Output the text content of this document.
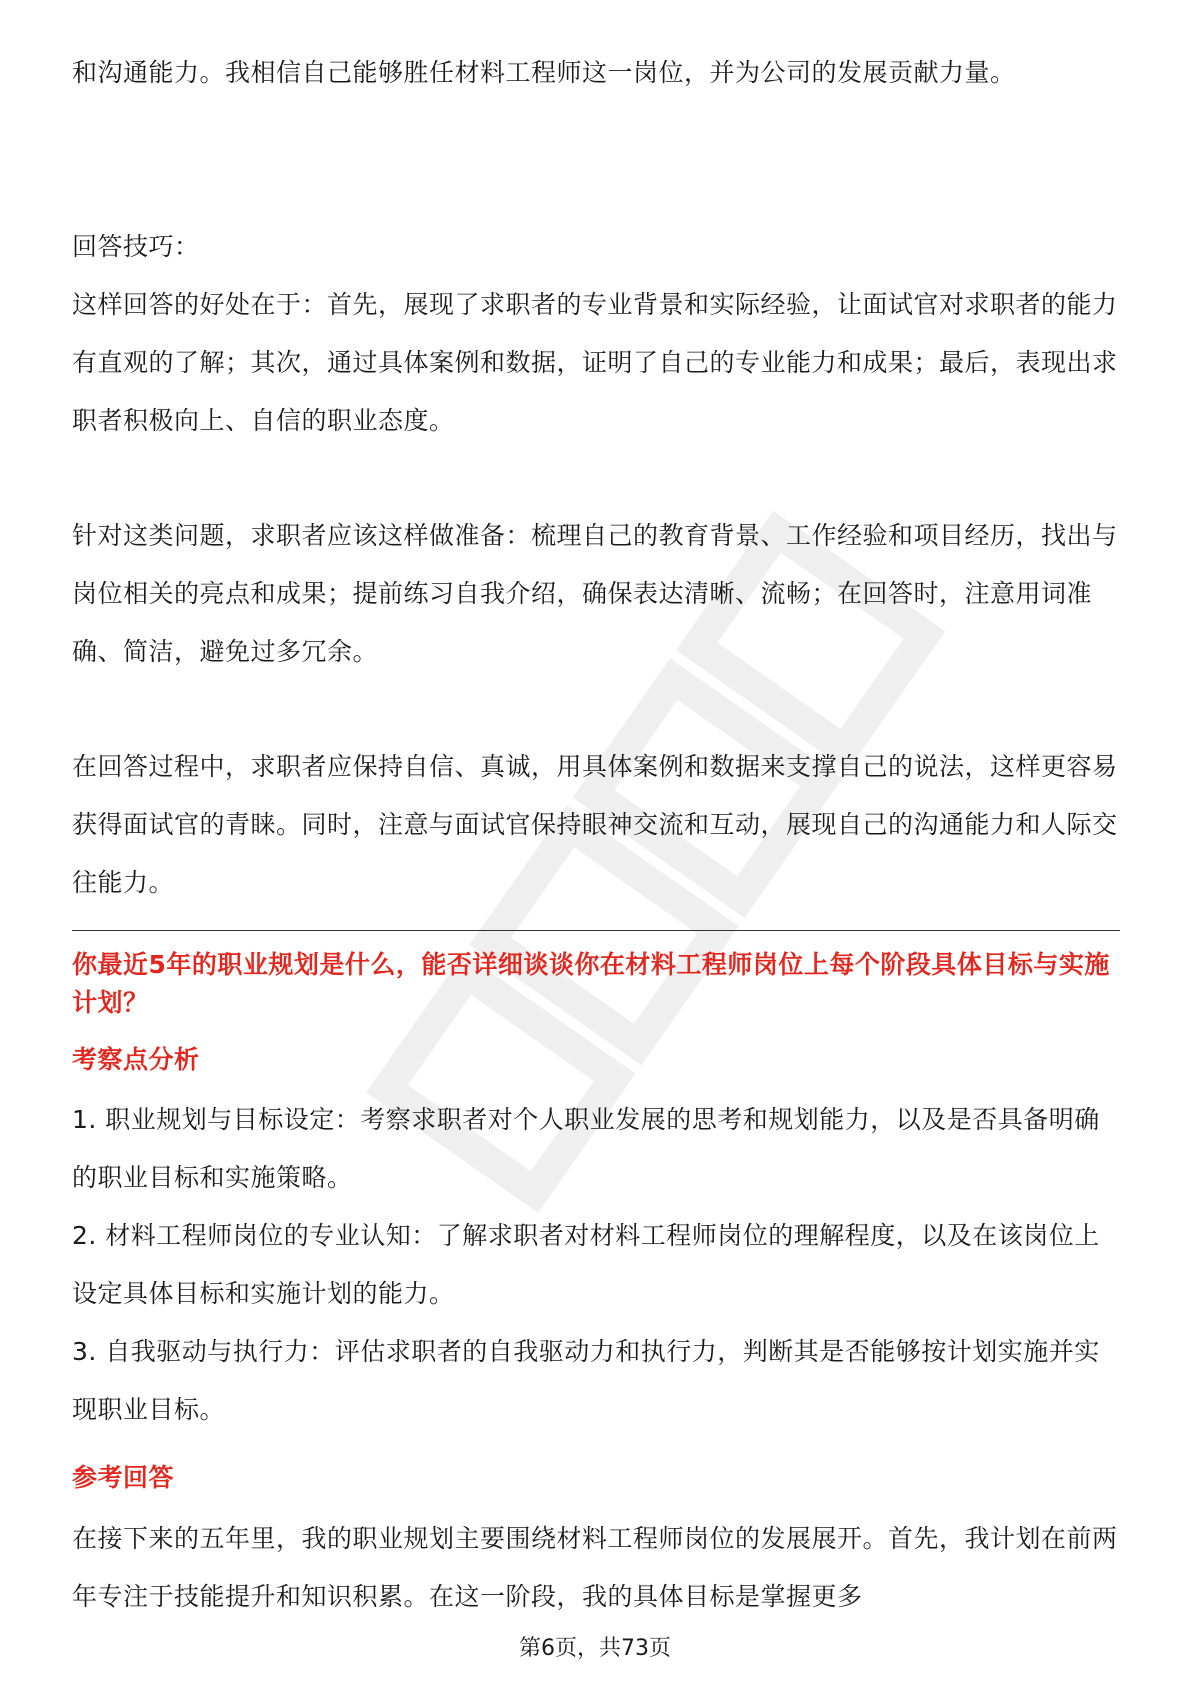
和沟通能力。我相信自己能够胜任材料工程师这一岗位，并为公司的发展贡献力量。

回答技巧：

这样回答的好处在于：首先，展现了求职者的专业背景和实际经验，让面试官对求职者的能力有直观的了解；其次，通过具体案例和数据，证明了自己的专业能力和成果；最后，表现出求职者积极向上、自信的职业态度。

针对这类问题，求职者应该这样做准备：梳理自己的教育背景、工作经验和项目经历，找出与岗位相关的亮点和成果；提前练习自我介绍，确保表达清晰、流畅；在回答时，注意用词准确、简洁，避免过多冗余。

在回答过程中，求职者应保持自信、真诚，用具体案例和数据来支撑自己的说法，这样更容易获得面试官的青睐。同时，注意与面试官保持眼神交流和互动，展现自己的沟通能力和人际交往能力。

你最近5年的职业规划是什么，能否详细谈谈你在材料工程师岗位上每个阶段具体目标与实施计划？
考察点分析

1. 职业规划与目标设定：考察求职者对个人职业发展的思考和规划能力，以及是否具备明确的职业目标和实施策略。

2. 材料工程师岗位的专业认知：了解求职者对材料工程师岗位的理解程度，以及在该岗位上设定具体目标和实施计划的能力。

3. 自我驱动与执行力：评估求职者的自我驱动力和执行力，判断其是否能够按计划实施并实现职业目标。

参考回答

在接下来的五年里，我的职业规划主要围绕材料工程师岗位的发展展开。首先，我计划在前两年专注于技能提升和知识积累。在这一阶段，我的具体目标是掌握更多

第6页，共73页
